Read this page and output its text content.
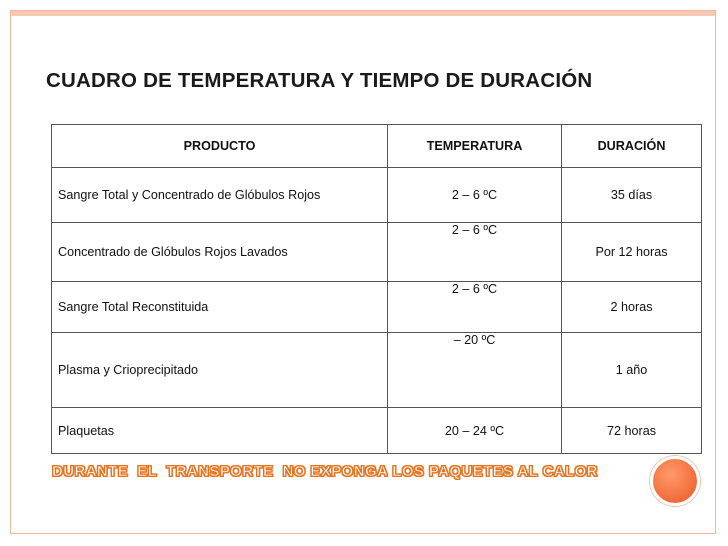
CUADRO DE TEMPERATURA Y TIEMPO DE DURACIÓN
PRODUCTO	TEMPERATURA	DURACIÓN
Sangre Total y Concentrado de Glóbulos Rojos	2 – 6 ºC	35 días
Concentrado de Glóbulos Rojos Lavados	2 – 6 ºC	Por 12 horas
Sangre Total Reconstituida	2 – 6 ºC	2 horas
Plasma y Crioprecipitado	– 20 ºC	1 año
Plaquetas	20 – 24 ºC	72 horas

DURANTE  EL  TRANSPORTE  NO EXPONGA LOS PAQUETES AL CALOR
